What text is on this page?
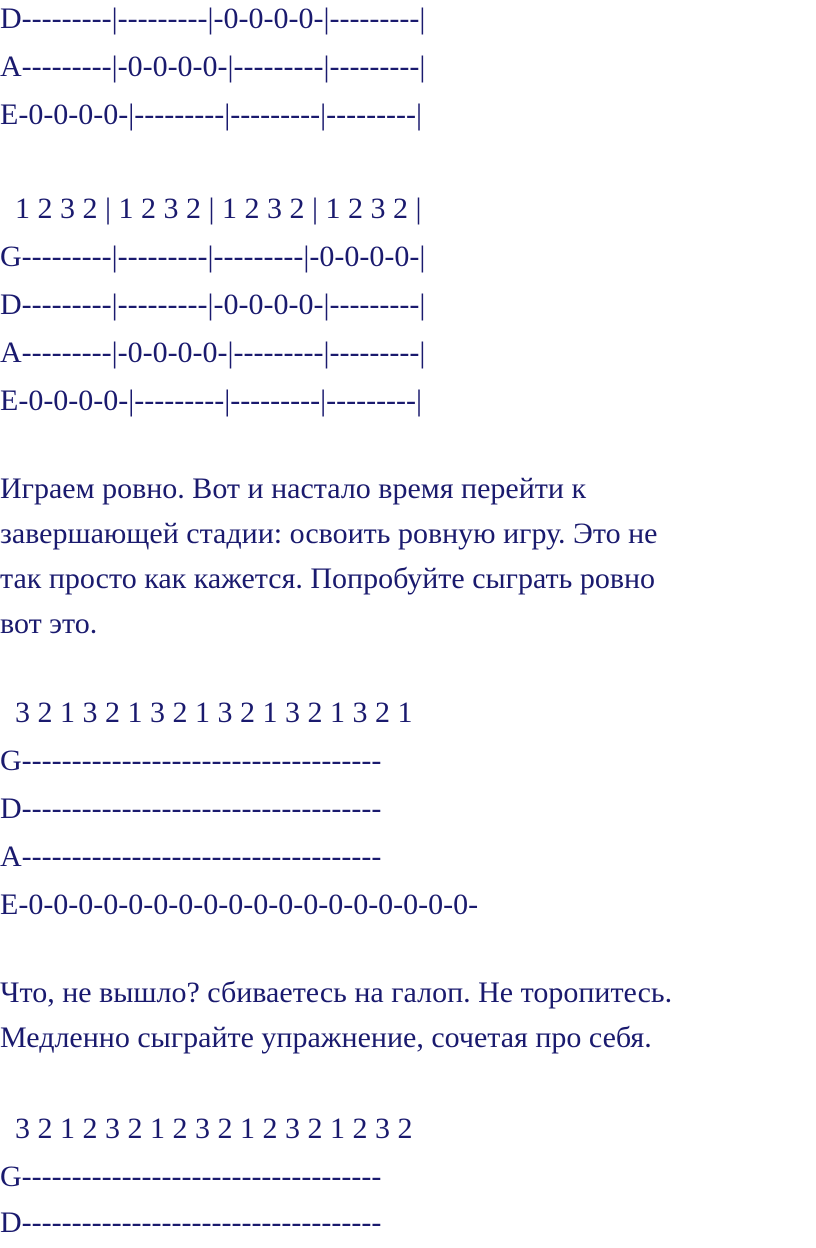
D---------|---------|-0-0-0-0-|---------|

A---------|-0-0-0-0-|---------|---------|

E-0-0-0-0-|---------|---------|---------|

1 2 3 2 | 1 2 3 2 | 1 2 3 2 | 1 2 3 2 |

G---------|---------|---------|-0-0-0-0-|

D---------|---------|-0-0-0-0-|---------|

A---------|-0-0-0-0-|---------|---------|

E-0-0-0-0-|---------|---------|---------|

Играем ровно. Вот и настало время перейти к

завершающей стадии: освоить ровную игру. Это не

так просто как кажется. Попробуйте сыграть ровно

вот это.

3 2 1 3 2 1 3 2 1 3 2 1 3 2 1 3 2 1

G------------------------------------

D------------------------------------

A------------------------------------

E-0-0-0-0-0-0-0-0-0-0-0-0-0-0-0-0-0-0-

Что, не вышло? сбиваетесь на галоп. Не торопитесь.

Медленно сыграйте упражнение, сочетая про себя.

3 2 1 2 3 2 1 2 3 2 1 2 3 2 1 2 3 2

G------------------------------------

D------------------------------------
